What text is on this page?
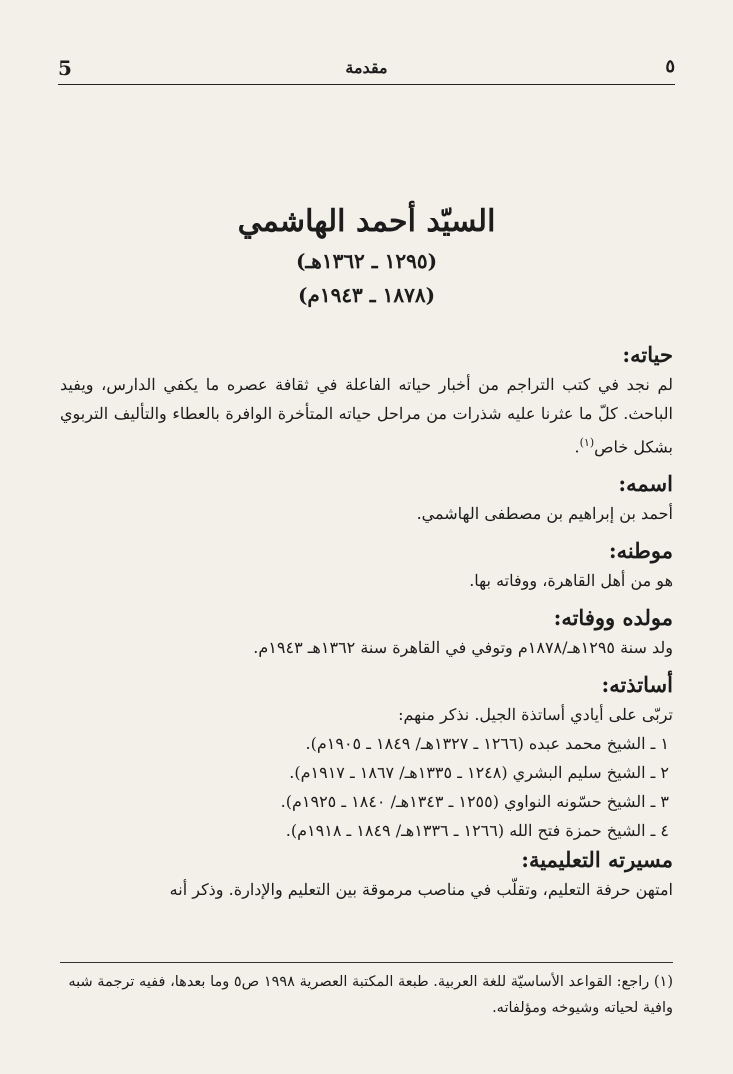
5	مقدمة	٥
السيّد أحمد الهاشمي
(١٢٩٥ ـ ١٣٦٢هـ)
(١٨٧٨ ـ ١٩٤٣م)
حياته:

لم نجد في كتب التراجم من أخبار حياته الفاعلة في ثقافة عصره ما يكفي الدارس، ويفيد الباحث. كلّ ما عثرنا عليه شذرات من مراحل حياته المتأخرة الوافرة بالعطاء والتأليف التربوي بشكل خاص$^{(١)}$.

اسمه:

أحمد بن إبراهيم بن مصطفى الهاشمي.

موطنه:

هو من أهل القاهرة، ووفاته بها.

مولده ووفاته:

ولد سنة ١٢٩٥هـ/١٨٧٨م وتوفي في القاهرة سنة ١٣٦٢هـ ١٩٤٣م.

أساتذته:

تربّى على أيادي أساتذة الجيل. نذكر منهم:

١ ـ الشيخ محمد عبده (١٢٦٦ ـ ١٣٢٧هـ/ ١٨٤٩ ـ ١٩٠٥م).

٢ ـ الشيخ سليم البشري (١٢٤٨ ـ ١٣٣٥هـ/ ١٨٦٧ ـ ١٩١٧م).

٣ ـ الشيخ حسّونه النواوي (١٢٥٥ ـ ١٣٤٣هـ/ ١٨٤٠ ـ ١٩٢٥م).

٤ ـ الشيخ حمزة فتح الله (١٢٦٦ ـ ١٣٣٦هـ/ ١٨٤٩ ـ ١٩١٨م).

مسيرته التعليمية:

امتهن حرفة التعليم، وتقلّب في مناصب مرموقة بين التعليم والإدارة. وذكر أنه

(١) راجع: القواعد الأساسيّة للغة العربية. طبعة المكتبة العصرية ١٩٩٨ ص٥ وما بعدها، ففيه ترجمة شبه وافية لحياته وشيوخه ومؤلفاته.
